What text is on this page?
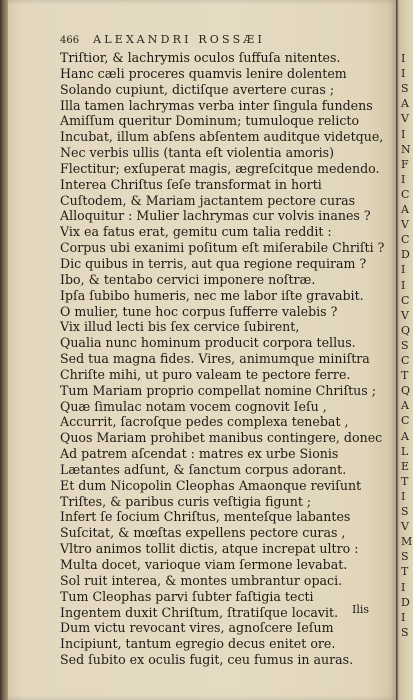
466 ALEXANDRI ROSSÆI
Triſtior, & lachrymis oculos ſuffuſa nitentes.
Hanc cæli proceres quamvis lenire dolentem
Solando cupiunt, dictiſque avertere curas ;
Illa tamen lachrymas verba inter ſingula fundens
Amiſſum queritur Dominum; tumuloque relicto
Incubat, illum abſens abſentem auditque videtque,
Nec verbis ullis (tanta eſt violentia amoris)
Flectitur; exſuperat magis, ægreſcitque medendo.
Interea Chriſtus ſeſe transformat in horti
Cuſtodem, & Mariam jactantem pectore curas
Alloquitur : Mulier lachrymas cur volvis inanes ?
Vix ea fatus erat, gemitu cum talia reddit :
Corpus ubi exanimi poſitum eſt miſerabile Chriſti ?
Dic quibus in terris, aut qua regione requiram ?
Ibo, & tentabo cervici imponere noſtræ.
Ipſa ſubibo humeris, nec me labor iſte gravabit.
O mulier, tune hoc corpus ſufferre valebis ?
Vix illud lecti bis ſex cervice ſubirent,
Qualia nunc hominum producit corpora tellus.
Sed tua magna fides. Vires, animumque miniſtra
Chriſte mihi, ut puro valeam te pectore ferre.
Tum Mariam proprio compellat nomine Chriſtus ;
Quæ ſimulac notam vocem cognovit Ieſu ,
Accurrit, ſacroſque pedes complexa tenebat ,
Quos Mariam prohibet manibus contingere, donec
Ad patrem aſcendat : matres ex urbe Sionis
Lætantes adſunt, & ſanctum corpus adorant.
Et dum Nicopolin Cleophas Amaonque reviſunt
Triſtes, & paribus curis veſtigia figunt ;
Infert ſe ſocium Chriſtus, menteſque labantes
Suſcitat, & mœſtas expellens pectore curas ,
Vltro animos tollit dictis, atque increpat ultro :
Multa docet, varioque viam ſermone levabat.
Sol ruit interea, & montes umbrantur opaci.
Tum Cleophas parvi ſubter faſtigia tecti
Ingentem duxit Chriſtum, ſtratiſque locavit.
Dum victu revocant vires, agnoſcere Ieſum
Incipiunt, tantum egregio decus enitet ore.
Sed ſubito ex oculis fugit, ceu fumus in auras.
Ilis
I
I
S
A
V
I
N
F
I
C
A
V
C
D
I
I
C
V
Q
S
C
T
Q
A
C
A
L
E
T
I
S
V
M
S
T
I
D
I
S
